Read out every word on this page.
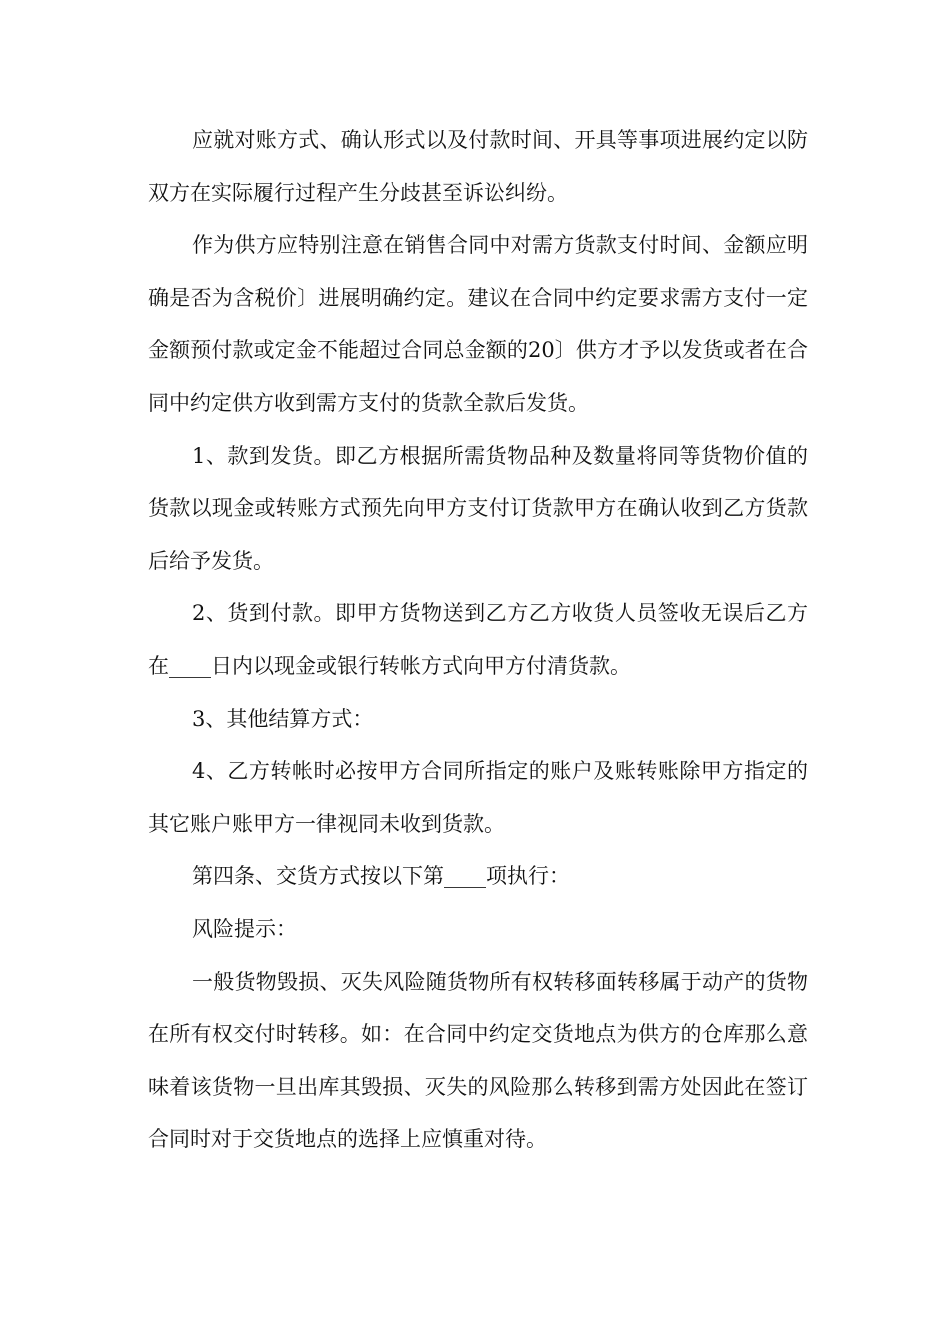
应就对账方式、确认形式以及付款时间、开具等事项进展约定以防双方在实际履行过程产生分歧甚至诉讼纠纷。

作为供方应特别注意在销售合同中对需方货款支付时间、金额应明确是否为含税价〕进展明确约定。建议在合同中约定要求需方支付一定金额预付款或定金不能超过合同总金额的20〕供方才予以发货或者在合同中约定供方收到需方支付的货款全款后发货。

1、款到发货。即乙方根据所需货物品种及数量将同等货物价值的货款以现金或转账方式预先向甲方支付订货款甲方在确认收到乙方货款后给予发货。

2、货到付款。即甲方货物送到乙方乙方收货人员签收无误后乙方在____日内以现金或银行转帐方式向甲方付清货款。

3、其他结算方式：

4、乙方转帐时必按甲方合同所指定的账户及账转账除甲方指定的其它账户账甲方一律视同未收到货款。

第四条、交货方式按以下第____项执行：

风险提示：

一般货物毁损、灭失风险随货物所有权转移面转移属于动产的货物在所有权交付时转移。如：在合同中约定交货地点为供方的仓库那么意味着该货物一旦出库其毁损、灭失的风险那么转移到需方处因此在签订合同时对于交货地点的选择上应慎重对待。
